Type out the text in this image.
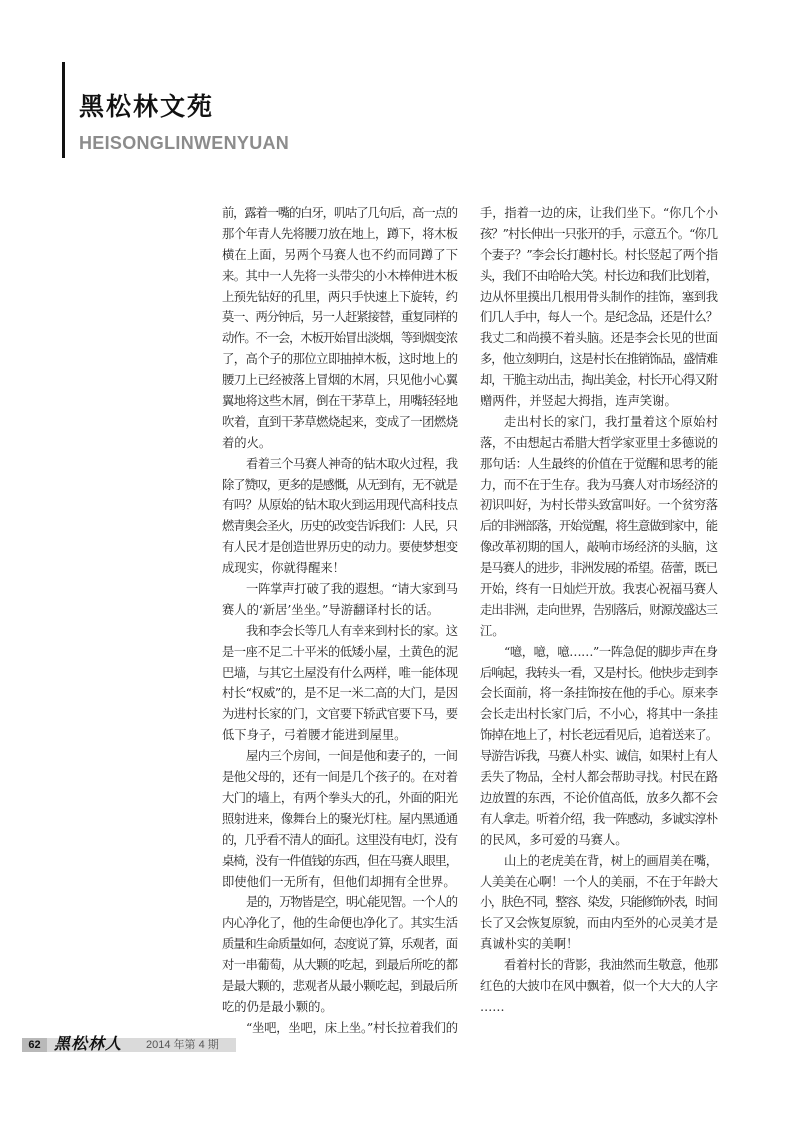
黑松林文苑
HEISONGLINWENYUAN
前，露着一嘴的白牙，叽咕了几句后，高一点的
那个年青人先将腰刀放在地上，蹲下，将木板
横在上面，另两个马赛人也不约而同蹲了下
来。其中一人先将一头带尖的小木棒伸进木板
上预先钻好的孔里，两只手快速上下旋转，约
莫一、两分钟后，另一人赶紧接替，重复同样的
动作。不一会，木板开始冒出淡烟，等到烟变浓
了，高个子的那位立即抽掉木板，这时地上的
腰刀上已经被落上冒烟的木屑，只见他小心翼
翼地将这些木屑，倒在干茅草上，用嘴轻轻地
吹着，直到干茅草燃烧起来，变成了一团燃烧
着的火。
看着三个马赛人神奇的钻木取火过程，我
除了赞叹，更多的是感慨，从无到有，无不就是
有吗？从原始的钻木取火到运用现代高科技点
燃青奥会圣火，历史的改变告诉我们：人民，只
有人民才是创造世界历史的动力。要使梦想变
成现实，你就得醒来！
一阵掌声打破了我的遐想。“请大家到马
赛人的‘新居’坐坐。”导游翻译村长的话。
我和李会长等几人有幸来到村长的家。这
是一座不足二十平米的低矮小屋，土黄色的泥
巴墙，与其它土屋没有什么两样，唯一能体现
村长“权威”的，是不足一米二高的大门，是因
为进村长家的门，文官要下轿武官要下马，要
低下身子，弓着腰才能进到屋里。
屋内三个房间，一间是他和妻子的，一间
是他父母的，还有一间是几个孩子的。在对着
大门的墙上，有两个拳头大的孔，外面的阳光
照射进来，像舞台上的聚光灯柱。屋内黑通通
的，几乎看不清人的面孔。这里没有电灯，没有
桌椅，没有一件值钱的东西，但在马赛人眼里，
即使他们一无所有，但他们却拥有全世界。
是的，万物皆是空，明心能见智。一个人的
内心净化了，他的生命便也净化了。其实生活
质量和生命质量如何，态度说了算，乐观者，面
对一串葡萄，从大颗的吃起，到最后所吃的都
是最大颗的，悲观者从最小颗吃起，到最后所
吃的仍是最小颗的。
“坐吧，坐吧，床上坐。”村长拉着我们的
手，指着一边的床，让我们坐下。“你几个小
孩？”村长伸出一只张开的手，示意五个。“你几
个妻子？”李会长打趣村长。村长竖起了两个指
头，我们不由哈哈大笑。村长边和我们比划着，
边从怀里摸出几根用骨头制作的挂饰，塞到我
们几人手中，每人一个。是纪念品，还是什么？
我丈二和尚摸不着头脑。还是李会长见的世面
多，他立刻明白，这是村长在推销饰品，盛情难
却，干脆主动出击，掏出美金，村长开心得又附
赠两件，并竖起大拇指，连声笑谢。
走出村长的家门，我打量着这个原始村
落，不由想起古希腊大哲学家亚里士多德说的
那句话：人生最终的价值在于觉醒和思考的能
力，而不在于生存。我为马赛人对市场经济的
初识叫好，为村长带头致富叫好。一个贫穷落
后的非洲部落，开始觉醒，将生意做到家中，能
像改革初期的国人，敲响市场经济的头脑，这
是马赛人的进步，非洲发展的希望。蓓蕾，既已
开始，终有一日灿烂开放。我衷心祝福马赛人
走出非洲，走向世界，告别落后，财源茂盛达三
江。
“噫，噫，噫……”一阵急促的脚步声在身
后响起，我转头一看，又是村长。他快步走到李
会长面前，将一条挂饰按在他的手心。原来李
会长走出村长家门后，不小心，将其中一条挂
饰掉在地上了，村长老远看见后，追着送来了。
导游告诉我，马赛人朴实、诚信，如果村上有人
丢失了物品，全村人都会帮助寻找。村民在路
边放置的东西，不论价值高低，放多久都不会
有人拿走。听着介绍，我一阵感动，多诚实淳朴
的民风，多可爱的马赛人。
山上的老虎美在背，树上的画眉美在嘴，
人美美在心啊！一个人的美丽，不在于年龄大
小，肤色不同，整容、染发，只能修饰外表，时间
长了又会恢复原貌，而由内至外的心灵美才是
真诚朴实的美啊！
看着村长的背影，我油然而生敬意，他那
红色的大披巾在风中飘着，似一个大大的人字
……
62 黑松林人 2014 年第 4 期
